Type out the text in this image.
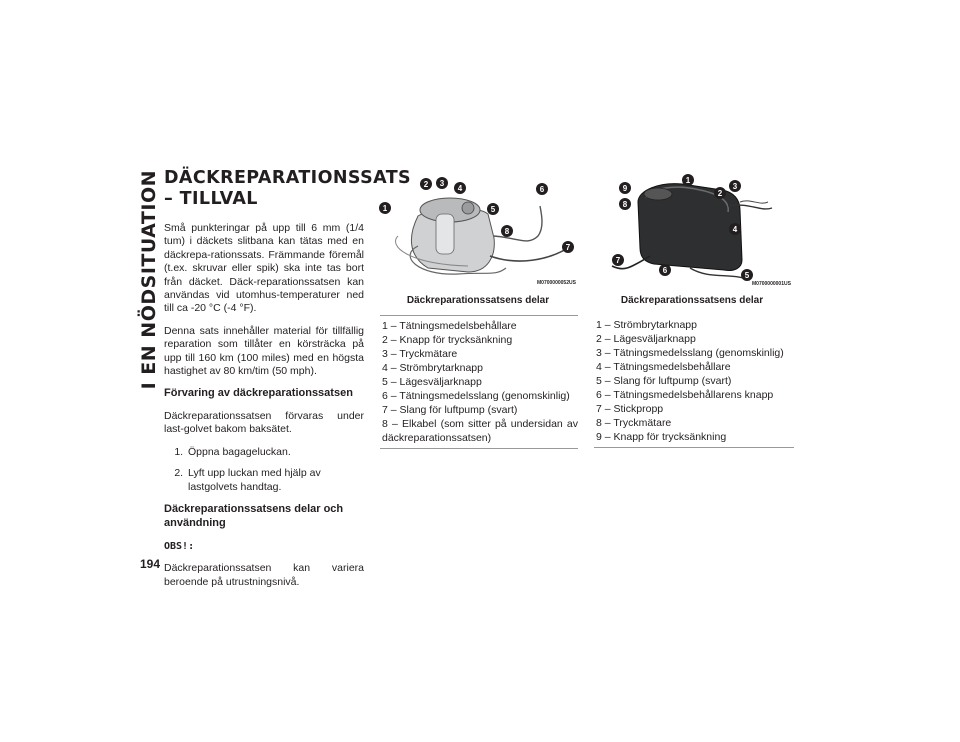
I EN NÖDSITUATION
194
DÄCKREPARATIONSSATS – TILLVAL

Små punkteringar på upp till 6 mm (1/4 tum) i däckets slitbana kan tätas med en däckrepa-rationssats. Främmande föremål (t.ex. skruvar eller spik) ska inte tas bort från däcket. Däck-reparationssatsen kan användas vid utomhus-temperaturer ned till ca -20 °C (-4 °F).

Denna sats innehåller material för tillfällig reparation som tillåter en körsträcka på upp till 160 km (100 miles) med en högsta hastighet av 80 km/tim (50 mph).

Förvaring av däckreparationssatsen

Däckreparationssatsen förvaras under last-golvet bakom baksätet.

1. Öppna bagageluckan.
2. Lyft upp luckan med hjälp av lastgolvets handtag.
Däckreparationssatsens delar och användning

OBS!:

Däckreparationssatsen kan variera beroende på utrustningsnivå.

1
2	3
4
5
6
7
8
M0700000052US
Däckreparationssatsens delar
1 – Tätningsmedelsbehållare
2 – Knapp för trycksänkning
3 – Tryckmätare
4 – Strömbrytarknapp
5 – Lägesväljarknapp
6 – Tätningsmedelsslang (genomskinlig)
7 – Slang för luftpump (svart)
8 – Elkabel (som sitter på undersidan av däckreparationssatsen)
1
2
3
4
5
6
7
8
9
M0700000001US
Däckreparationssatsens delar
1 – Strömbrytarknapp
2 – Lägesväljarknapp
3 – Tätningsmedelsslang (genomskinlig)
4 – Tätningsmedelsbehållare
5 – Slang för luftpump (svart)
6 – Tätningsmedelsbehållarens knapp
7 – Stickpropp
8 – Tryckmätare
9 – Knapp för trycksänkning
